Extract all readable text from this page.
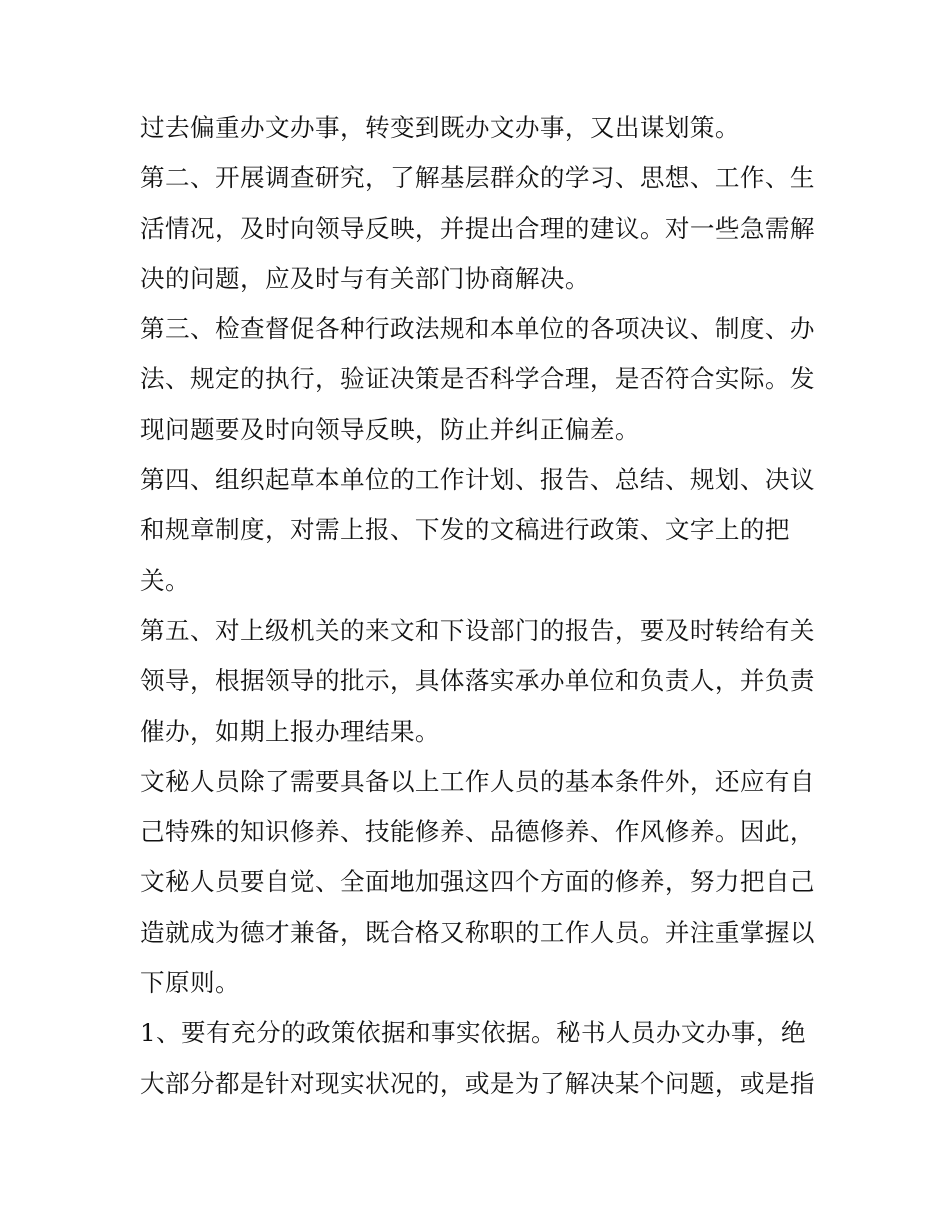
过去偏重办文办事，转变到既办文办事，又出谋划策。
第二、开展调查研究，了解基层群众的学习、思想、工作、生
活情况，及时向领导反映，并提出合理的建议。对一些急需解
决的问题，应及时与有关部门协商解决。
第三、检查督促各种行政法规和本单位的各项决议、制度、办
法、规定的执行，验证决策是否科学合理，是否符合实际。发
现问题要及时向领导反映，防止并纠正偏差。
第四、组织起草本单位的工作计划、报告、总结、规划、决议
和规章制度，对需上报、下发的文稿进行政策、文字上的把
关。
第五、对上级机关的来文和下设部门的报告，要及时转给有关
领导，根据领导的批示，具体落实承办单位和负责人，并负责
催办，如期上报办理结果。
文秘人员除了需要具备以上工作人员的基本条件外，还应有自
己特殊的知识修养、技能修养、品德修养、作风修养。因此，
文秘人员要自觉、全面地加强这四个方面的修养，努力把自己
造就成为德才兼备，既合格又称职的工作人员。并注重掌握以
下原则。
1、要有充分的政策依据和事实依据。秘书人员办文办事，绝
大部分都是针对现实状况的，或是为了解决某个问题，或是指
